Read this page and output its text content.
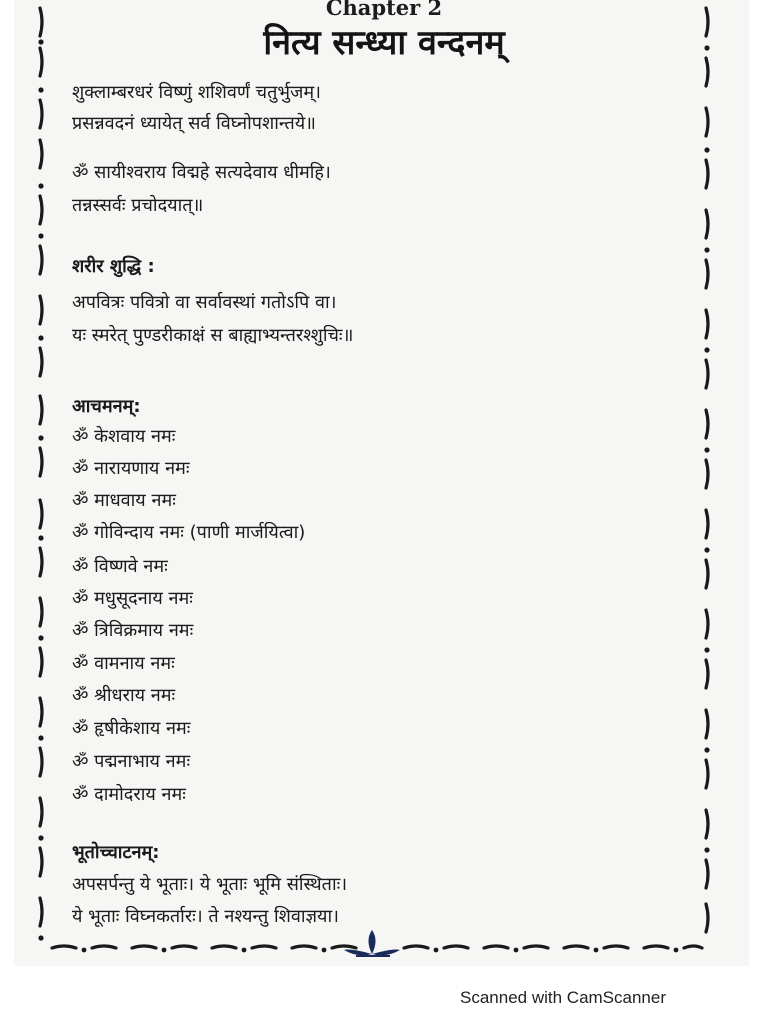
Chapter 2
नित्य सन्ध्या वन्दनम्
शुक्लाम्बरधरं विष्णुं शशिवर्णं चतुर्भुजम्।
प्रसन्नवदनं ध्यायेत् सर्व विघ्नोपशान्तये॥
ॐ सायीश्वराय विद्महे सत्यदेवाय धीमहि।
तन्नस्सर्वः प्रचोदयात्॥
शरीर शुद्धि :
अपवित्रः पवित्रो वा सर्वावस्थां गतोऽपि वा।
यः स्मरेत् पुण्डरीकाक्षं स बाह्याभ्यन्तरश्शुचिः॥
आचमनम्:
ॐ केशवाय नमः
ॐ नारायणाय नमः
ॐ माधवाय नमः
ॐ गोविन्दाय नमः (पाणी मार्जयित्वा)
ॐ विष्णवे नमः
ॐ मधुसूदनाय नमः
ॐ त्रिविक्रमाय नमः
ॐ वामनाय नमः
ॐ श्रीधराय नमः
ॐ हृषीकेशाय नमः
ॐ पद्मनाभाय नमः
ॐ दामोदराय नमः
भूतोच्चाटनम्:
अपसर्पन्तु ये भूताः। ये भूताः भूमि संस्थिताः।
ये भूताः विघ्नकर्तारः। ते नश्यन्तु शिवाज्ञया।
Scanned with CamScanner
